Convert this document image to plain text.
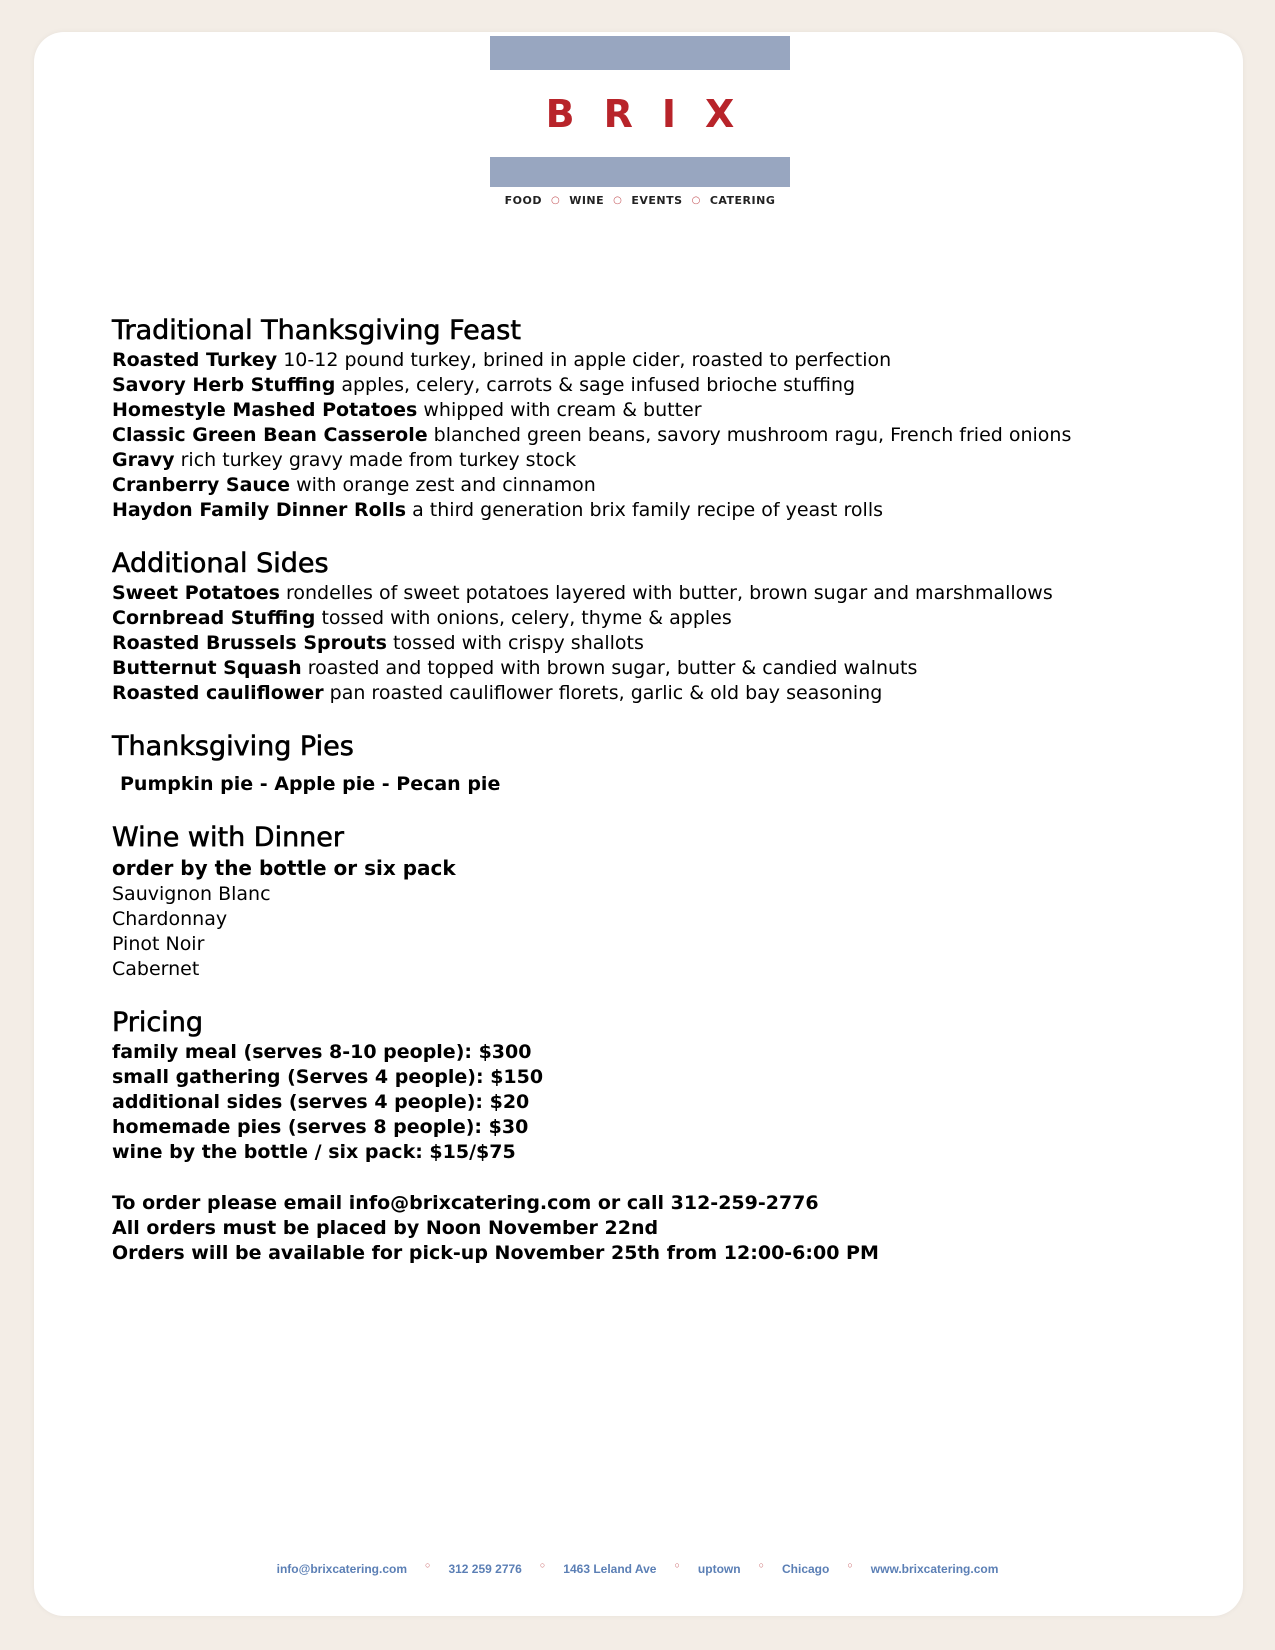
BRIX
FOOD ○ WINE ○ EVENTS ○ CATERING
Traditional Thanksgiving Feast
Roasted Turkey 10-12 pound turkey, brined in apple cider, roasted to perfection
Savory Herb Stuffing apples, celery, carrots & sage infused brioche stuffing
Homestyle Mashed Potatoes whipped with cream & butter
Classic Green Bean Casserole blanched green beans, savory mushroom ragu, French fried onions
Gravy rich turkey gravy made from turkey stock
Cranberry Sauce with orange zest and cinnamon
Haydon Family Dinner Rolls a third generation brix family recipe of yeast rolls
Additional Sides
Sweet Potatoes rondelles of sweet potatoes layered with butter, brown sugar and marshmallows
Cornbread Stuffing tossed with onions, celery, thyme & apples
Roasted Brussels Sprouts tossed with crispy shallots
Butternut Squash roasted and topped with brown sugar, butter & candied walnuts
Roasted cauliflower pan roasted cauliflower florets, garlic & old bay seasoning
Thanksgiving Pies
Pumpkin pie - Apple pie - Pecan pie
Wine with Dinner
order by the bottle or six pack
Sauvignon Blanc
Chardonnay
Pinot Noir
Cabernet
Pricing
family meal (serves 8-10 people): $300
small gathering (Serves 4 people): $150
additional sides (serves 4 people): $20
homemade pies (serves 8 people): $30
wine by the bottle / six pack: $15/$75
To order please email info@brixcatering.com or call 312-259-2776
All orders must be placed by Noon November 22nd
Orders will be available for pick-up November 25th from 12:00-6:00 PM
info@brixcatering.com ○ 312 259 2776 ○ 1463 Leland Ave ○ uptown ○ Chicago ○ www.brixcatering.com
